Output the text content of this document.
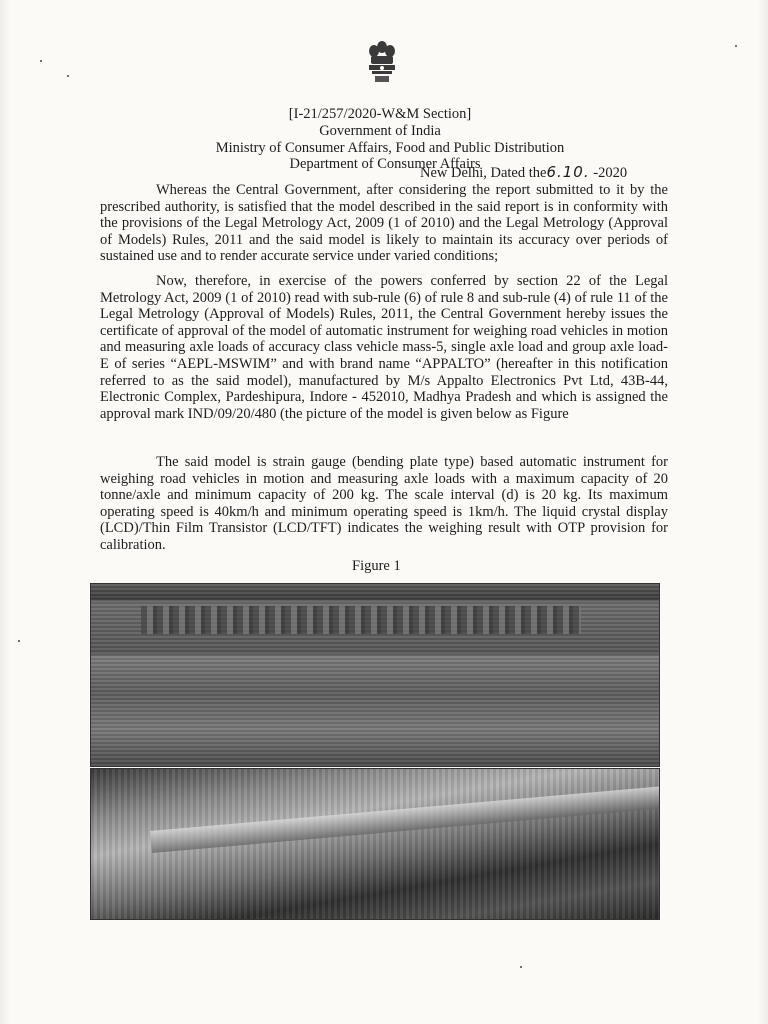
[I-21/257/2020-W&M Section]
Government of India
Ministry of Consumer Affairs, Food and Public Distribution
Department of Consumer Affairs
New Delhi, Dated the6.10. -2020

Whereas the Central Government, after considering the report submitted to it by the prescribed authority, is satisfied that the model described in the said report is in conformity with the provisions of the Legal Metrology Act, 2009 (1 of 2010) and the Legal Metrology (Approval of Models) Rules, 2011 and the said model is likely to maintain its accuracy over periods of sustained use and to render accurate service under varied conditions;

Now, therefore, in exercise of the powers conferred by section 22 of the Legal Metrology Act, 2009 (1 of 2010) read with sub-rule (6) of rule 8 and sub-rule (4) of rule 11 of the Legal Metrology (Approval of Models) Rules, 2011, the Central Government hereby issues the certificate of approval of the model of automatic instrument for weighing road vehicles in motion and measuring axle loads of accuracy class vehicle mass-5, single axle load and group axle load-E of series “AEPL-MSWIM” and with brand name “APPALTO” (hereafter in this notification referred to as the said model), manufactured by M/s Appalto Electronics Pvt Ltd, 43B-44, Electronic Complex, Pardeshipura, Indore - 452010, Madhya Pradesh and which is assigned the approval mark IND/09/20/480 (the picture of the model is given below as Figure

The said model is strain gauge (bending plate type) based automatic instrument for weighing road vehicles in motion and measuring axle loads with a maximum capacity of 20 tonne/axle and minimum capacity of 200 kg. The scale interval (d) is 20 kg. Its maximum operating speed is 40km/h and minimum operating speed is 1km/h. The liquid crystal display (LCD)/Thin Film Transistor (LCD/TFT) indicates the weighing result with OTP provision for calibration.

Figure 1
